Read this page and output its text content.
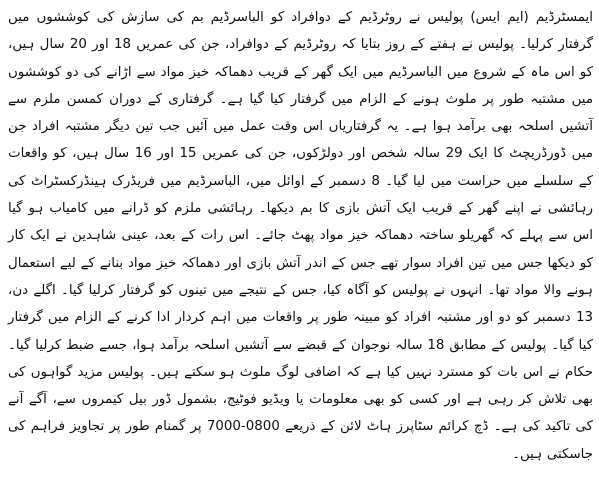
ایمسٹرڈیم (ایم ایس) پولیس نے روٹرڈیم کے دوافراد کو الباسرڈیم بم کی سازش کی کوششوں میں گرفتار کرلیا۔ پولیس نے ہفتے کے روز بتایا کہ روٹرڈیم کے دوافراد، جن کی عمریں 18 اور 20 سال ہیں، کو اس ماہ کے شروع میں الباسرڈیم میں ایک گھر کے قریب دھماکہ خیز مواد سے اڑانے کی دو کوششوں میں مشتبہ طور پر ملوث ہونے کے الزام میں گرفتار کیا گیا ہے۔ گرفتاری کے دوران کمسن ملزم سے آتشیں اسلحہ بھی برآمد ہوا ہے۔ یہ گرفتاریاں اس وقت عمل میں آئیں جب تین دیگر مشتبہ افراد جن میں ڈورڈریچٹ کا ایک 29 سالہ شخص اور دولڑکوں، جن کی عمریں 15 اور 16 سال ہیں، کو واقعات کے سلسلے میں حراست میں لیا گیا۔ 8 دسمبر کے اوائل میں، الباسرڈیم میں فریڈرک ہینڈرکسٹراٹ کی رہائشی نے اپنے گھر کے قریب ایک آتش بازی کا بم دیکھا۔ رہائشی ملزم کو ڈرانے میں کامیاب ہو گیا اس سے پہلے کہ گھریلو ساختہ دھماکہ خیز مواد پھٹ جائے۔ اس رات کے بعد، عینی شاہدین نے ایک کار کو دیکھا جس میں تین افراد سوار تھے جس کے اندر آتش بازی اور دھماکہ خیز مواد بنانے کے لیے استعمال ہونے والا مواد تھا۔ انہوں نے پولیس کو آگاہ کیا، جس کے نتیجے میں تینوں کو گرفتار کرلیا گیا۔ اگلے دن، 13 دسمبر کو دو اور مشتبہ افراد کو مبینہ طور پر واقعات میں اہم کردار ادا کرنے کے الزام میں گرفتار کیا گیا۔ پولیس کے مطابق 18 سالہ نوجوان کے قبضے سے آتشیں اسلحہ برآمد ہوا، جسے ضبط کرلیا گیا۔ حکام نے اس بات کو مسترد نہیں کیا ہے کہ اضافی لوگ ملوث ہو سکتے ہیں۔ پولیس مزید گواہوں کی بھی تلاش کر رہی ہے اور کسی کو بھی معلومات یا ویڈیو فوٹیج، بشمول ڈور بیل کیمروں سے، آگے آنے کی تاکید کی ہے۔ ڈچ کرائم سٹاپرز ہاٹ لائن کے ذریعے 0800-7000 پر گمنام طور پر تجاویز فراہم کی جاسکتی ہیں۔
